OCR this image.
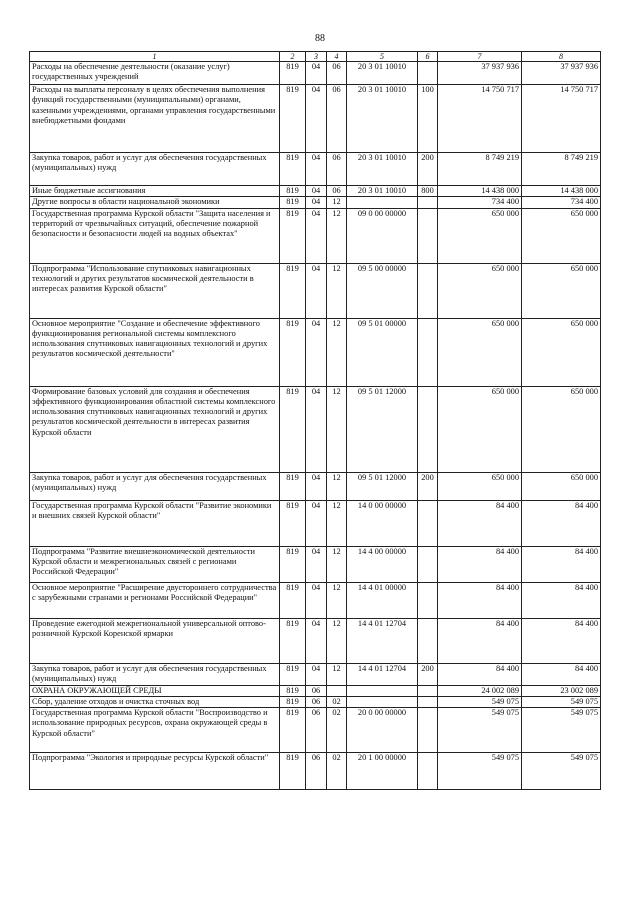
88
1	2	3	4	5	6	7	8
Расходы на обеспечение деятельности (оказание услуг) государственных учреждений	819	04	06	20 3 01 10010		37 937 936	37 937 936
Расходы на выплаты персоналу в целях обеспечения выполнения функций государственными (муниципальными) органами, казенными учреждениями, органами управления государственными внебюджетными фондами	819	04	06	20 3 01 10010	100	14 750 717	14 750 717
Закупка товаров, работ и услуг для обеспечения государственных (муниципальных) нужд	819	04	06	20 3 01 10010	200	8 749 219	8 749 219
Иные бюджетные ассигнования	819	04	06	20 3 01 10010	800	14 438 000	14 438 000
Другие вопросы в области национальной экономики	819	04	12			734 400	734 400
Государственная программа Курской области "Защита населения и территорий от чрезвычайных ситуаций, обеспечение пожарной безопасности и безопасности людей на водных объектах"	819	04	12	09 0 00 00000		650 000	650 000
Подпрограмма "Использование спутниковых навигационных технологий и других результатов космической деятельности в интересах развития Курской области"	819	04	12	09 5 00 00000		650 000	650 000
Основное мероприятие "Создание и обеспечение эффективного функционирования региональной системы комплексного использования спутниковых навигационных технологий и других результатов космической деятельности"	819	04	12	09 5 01 00000		650 000	650 000
Формирование базовых условий для создания и обеспечения эффективного функционирования областной системы комплексного использования спутниковых навигационных технологий и других результатов космической деятельности в интересах развития Курской области	819	04	12	09 5 01 12000		650 000	650 000
Закупка товаров, работ и услуг для обеспечения государственных (муниципальных) нужд	819	04	12	09 5 01 12000	200	650 000	650 000
Государственная программа Курской области "Развитие экономики и внешних связей Курской области"	819	04	12	14 0 00 00000		84 400	84 400
Подпрограмма "Развитие внешнеэкономической деятельности Курской области и межрегиональных связей с регионами Российской Федерации"	819	04	12	14 4 00 00000		84 400	84 400
Основное мероприятие "Расширение двустороннего сотрудничества с зарубежными странами и регионами Российской Федерации"	819	04	12	14 4 01 00000		84 400	84 400
Проведение ежегодной межрегиональной универсальной оптово-розничной Курской Коренской ярмарки	819	04	12	14 4 01 12704		84 400	84 400
Закупка товаров, работ и услуг для обеспечения государственных (муниципальных) нужд	819	04	12	14 4 01 12704	200	84 400	84 400
ОХРАНА ОКРУЖАЮЩЕЙ СРЕДЫ	819	06				24 002 089	23 002 089
Сбор, удаление отходов и очистка сточных вод	819	06	02			549 075	549 075
Государственная программа Курской области "Воспроизводство и использование природных ресурсов, охрана окружающей среды в Курской области"	819	06	02	20 0 00 00000		549 075	549 075
Подпрограмма "Экология и природные ресурсы Курской области"	819	06	02	20 1 00 00000		549 075	549 075
